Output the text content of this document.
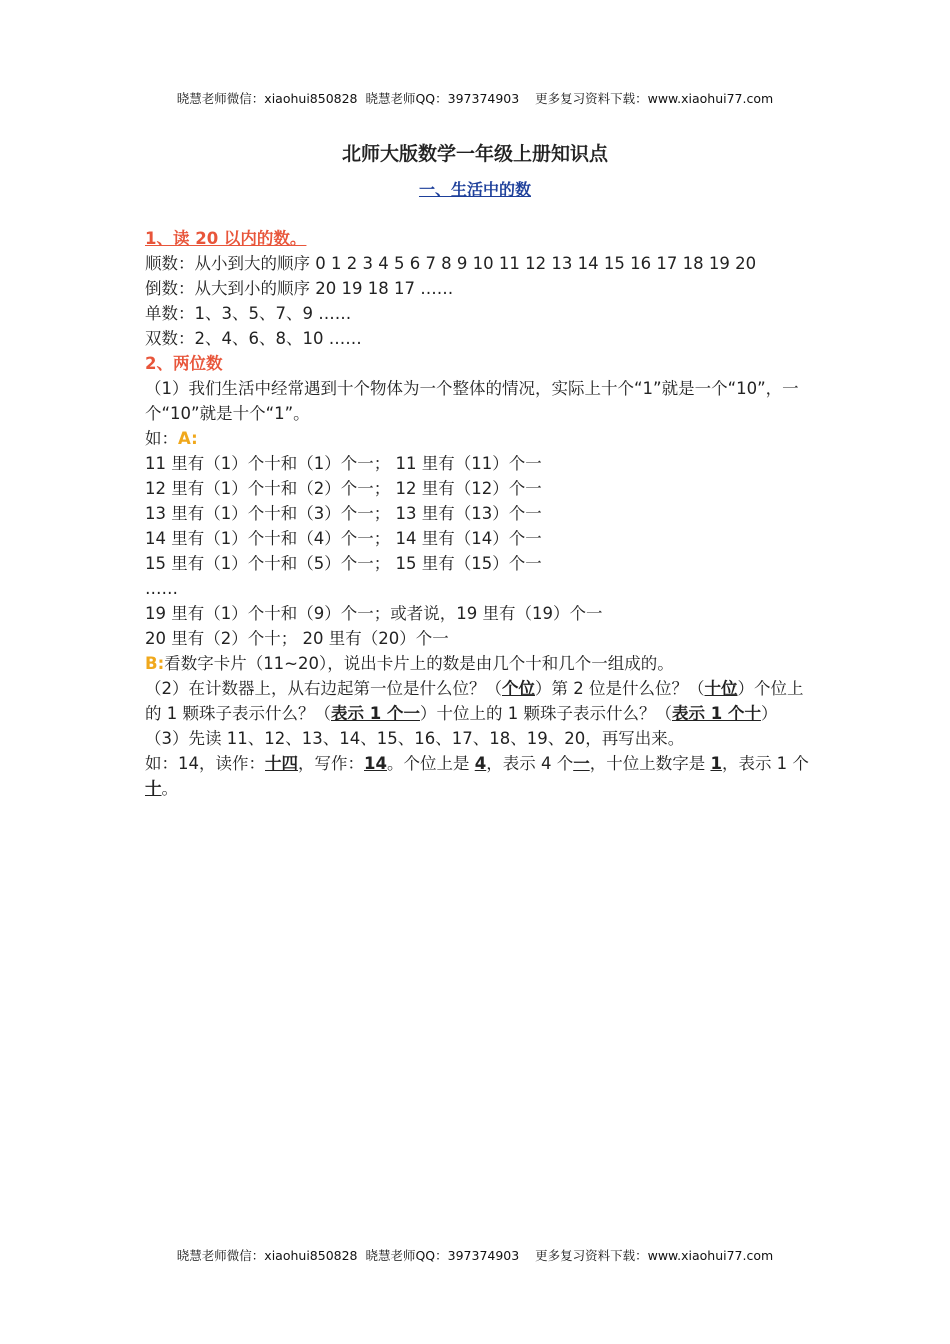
晓慧老师微信：xiaohui850828  晓慧老师QQ：397374903    更多复习资料下载：www.xiaohui77.com
北师大版数学一年级上册知识点
一、生活中的数
1、读 20 以内的数。
顺数：从小到大的顺序 0 1 2 3 4 5 6 7 8 9 10 11 12 13 14 15 16 17 18 19 20
倒数：从大到小的顺序 20 19 18 17 ……
单数：1、3、5、7、9 ……
双数：2、4、6、8、10 ……
2、两位数
（1）我们生活中经常遇到十个物体为一个整体的情况，实际上十个“1”就是一个“10”，一个“10”就是十个“1”。
如：A:
11 里有（1）个十和（1）个一； 11 里有（11）个一
12 里有（1）个十和（2）个一； 12 里有（12）个一
13 里有（1）个十和（3）个一； 13 里有（13）个一
14 里有（1）个十和（4）个一； 14 里有（14）个一
15 里有（1）个十和（5）个一； 15 里有（15）个一
……
19 里有（1）个十和（9）个一；或者说，19 里有（19）个一
20 里有（2）个十； 20 里有（20）个一
B:看数字卡片（11~20），说出卡片上的数是由几个十和几个一组成的。
（2）在计数器上，从右边起第一位是什么位？（个位）第 2 位是什么位？（十位）个位上的 1 颗珠子表示什么？（表示 1 个一）十位上的 1 颗珠子表示什么？（表示 1 个十）
（3）先读 11、12、13、14、15、16、17、18、19、20，再写出来。
如：14，读作：十四，写作：14。个位上是 4，表示 4 个一，十位上数字是 1，表示 1 个十。
晓慧老师微信：xiaohui850828  晓慧老师QQ：397374903    更多复习资料下载：www.xiaohui77.com
